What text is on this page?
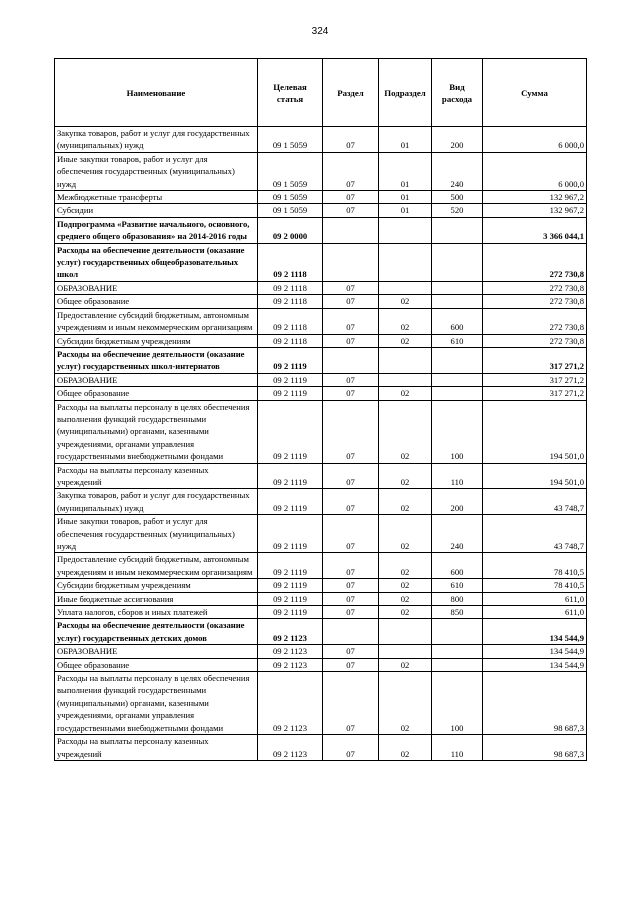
324
Наименование	Целевая статья	Раздел	Подраздел	Вид расхода	Сумма
Закупка товаров, работ и услуг для государственных (муниципальных) нужд	09 1 5059	07	01	200	6 000,0
Иные закупки товаров, работ и услуг для обеспечения государственных (муниципальных) нужд	09 1 5059	07	01	240	6 000,0
Межбюджетные трансферты	09 1 5059	07	01	500	132 967,2
Субсидии	09 1 5059	07	01	520	132 967,2
Подпрограмма «Развитие начального, основного, среднего общего образования» на 2014-2016 годы	09 2 0000				3 366 044,1
Расходы на обеспечение деятельности (оказание услуг) государственных общеобразовательных школ	09 2 1118				272 730,8
ОБРАЗОВАНИЕ	09 2 1118	07			272 730,8
Общее образование	09 2 1118	07	02		272 730,8
Предоставление субсидий бюджетным, автономным учреждениям и иным некоммерческим организациям	09 2 1118	07	02	600	272 730,8
Субсидии бюджетным учреждениям	09 2 1118	07	02	610	272 730,8
Расходы на обеспечение деятельности (оказание услуг) государственных школ-интернатов	09 2 1119				317 271,2
ОБРАЗОВАНИЕ	09 2 1119	07			317 271,2
Общее образование	09 2 1119	07	02		317 271,2
Расходы на выплаты персоналу в целях обеспечения выполнения функций государственными (муниципальными) органами, казенными учреждениями, органами управления государственными внебюджетными фондами	09 2 1119	07	02	100	194 501,0
Расходы на выплаты персоналу казенных учреждений	09 2 1119	07	02	110	194 501,0
Закупка товаров, работ и услуг для государственных (муниципальных) нужд	09 2 1119	07	02	200	43 748,7
Иные закупки товаров, работ и услуг для обеспечения государственных (муниципальных) нужд	09 2 1119	07	02	240	43 748,7
Предоставление субсидий бюджетным, автономным учреждениям и иным некоммерческим организациям	09 2 1119	07	02	600	78 410,5
Субсидии бюджетным учреждениям	09 2 1119	07	02	610	78 410,5
Иные бюджетные ассигнования	09 2 1119	07	02	800	611,0
Уплата налогов, сборов и иных платежей	09 2 1119	07	02	850	611,0
Расходы на обеспечение деятельности (оказание услуг) государственных детских домов	09 2 1123				134 544,9
ОБРАЗОВАНИЕ	09 2 1123	07			134 544,9
Общее образование	09 2 1123	07	02		134 544,9
Расходы на выплаты персоналу в целях обеспечения выполнения функций государственными (муниципальными) органами, казенными учреждениями, органами управления государственными внебюджетными фондами	09 2 1123	07	02	100	98 687,3
Расходы на выплаты персоналу казенных учреждений	09 2 1123	07	02	110	98 687,3
